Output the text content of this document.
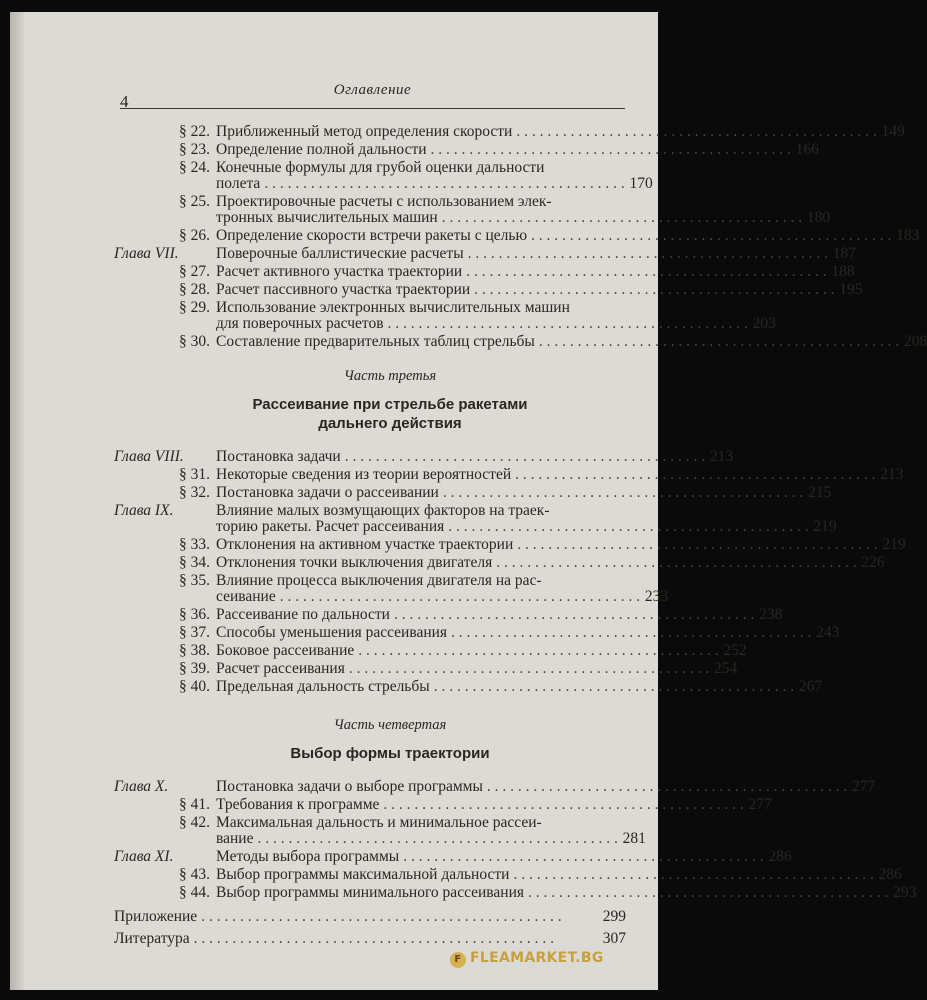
4
Оглавление
§ 22. Приближенный метод определения скорости . . .	149
§ 23. Определение полной дальности . . .	166
§ 24. Конечные формулы для грубой оценки дальности
полета . . .	170
§ 25. Проектировочные расчеты с использованием элек-
тронных вычислительных машин . . .	180
§ 26. Определение скорости встречи ракеты с целью . . .	183
Глава VII.	Поверочные баллистические расчеты . . .	187
§ 27. Расчет активного участка траектории . . .	188
§ 28. Расчет пассивного участка траектории . . .	195
§ 29. Использование электронных вычислительных машин
для поверочных расчетов . . .	203
§ 30. Составление предварительных таблиц стрельбы . . .	208
Часть третья
Рассеивание при стрельбе ракетами
дальнего действия
Глава VIII.	Постановка задачи . . .	213
§ 31. Некоторые сведения из теории вероятностей . . .	213
§ 32. Постановка задачи о рассеивании . . .	215
Глава IX.	Влияние малых возмущающих факторов на траек-
торию ракеты. Расчет рассеивания . . .	219
§ 33. Отклонения на активном участке траектории . . .	219
§ 34. Отклонения точки выключения двигателя . . .	226
§ 35. Влияние процесса выключения двигателя на рас-
сеивание . . .	233
§ 36. Рассеивание по дальности . . .	238
§ 37. Способы уменьшения рассеивания . . .	243
§ 38. Боковое рассеивание . . .	252
§ 39. Расчет рассеивания . . .	254
§ 40. Предельная дальность стрельбы . . .	267
Часть четвертая
Выбор формы траектории
Глава X.	Постановка задачи о выборе программы . . .	277
§ 41. Требования к программе . . .	277
§ 42. Максимальная дальность и минимальное рассеи-
вание . . .	281
Глава XI.	Методы выбора программы . . .	286
§ 43. Выбор программы максимальной дальности . . .	286
§ 44. Выбор программы минимального рассеивания . . .	293
Приложение . . .	299
Литература . . .	307
F FLEAMARKET.BG
